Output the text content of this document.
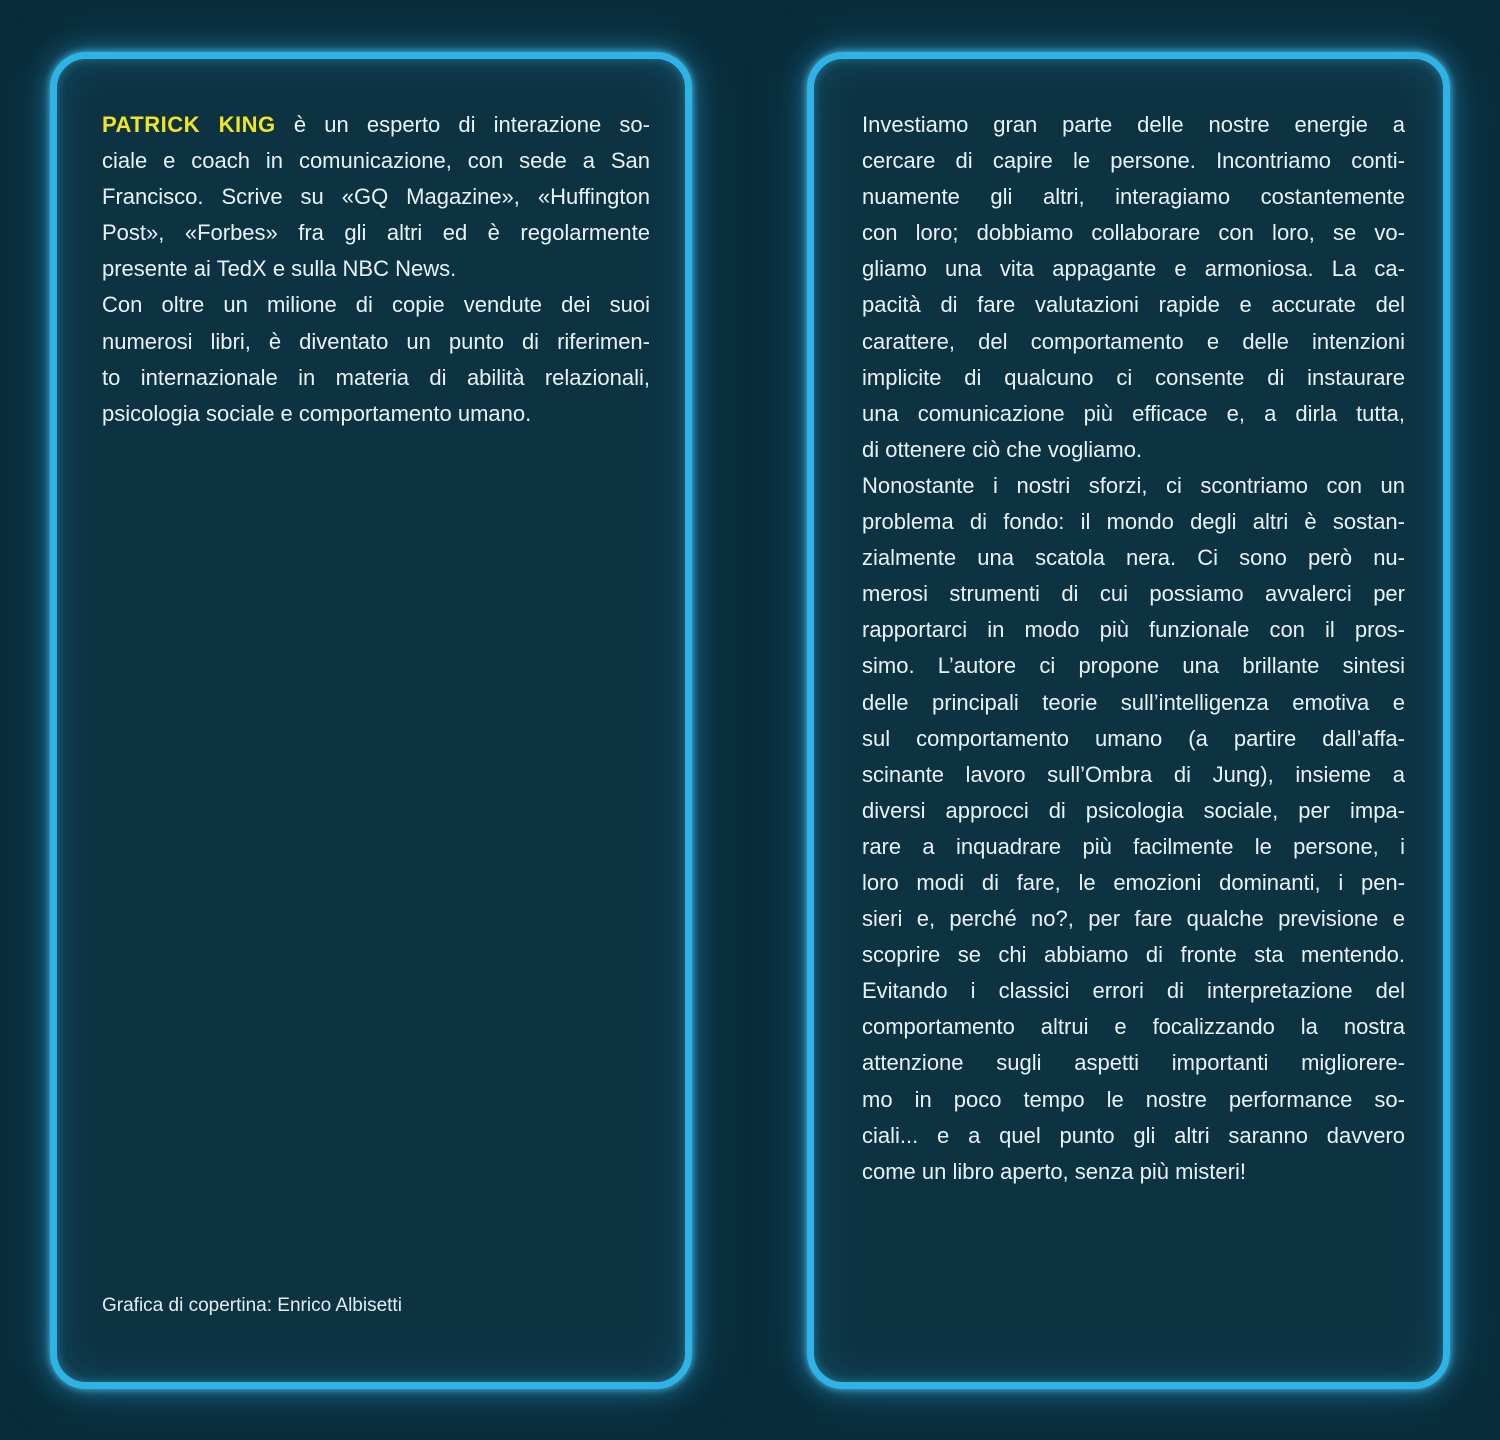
PATRICK KING è un esperto di interazione so-
ciale e coach in comunicazione, con sede a San
Francisco. Scrive su «GQ Magazine», «Huffington
Post», «Forbes» fra gli altri ed è regolarmente
presente ai TedX e sulla NBC News.
Con oltre un milione di copie vendute dei suoi
numerosi libri, è diventato un punto di riferimen-
to internazionale in materia di abilità relazionali,
psicologia sociale e comportamento umano.
Grafica di copertina: Enrico Albisetti
Investiamo gran parte delle nostre energie a
cercare di capire le persone. Incontriamo conti-
nuamente gli altri, interagiamo costantemente
con loro; dobbiamo collaborare con loro, se vo-
gliamo una vita appagante e armoniosa. La ca-
pacità di fare valutazioni rapide e accurate del
carattere, del comportamento e delle intenzioni
implicite di qualcuno ci consente di instaurare
una comunicazione più efficace e, a dirla tutta,
di ottenere ciò che vogliamo.
Nonostante i nostri sforzi, ci scontriamo con un
problema di fondo: il mondo degli altri è sostan-
zialmente una scatola nera. Ci sono però nu-
merosi strumenti di cui possiamo avvalerci per
rapportarci in modo più funzionale con il pros-
simo. L’autore ci propone una brillante sintesi
delle principali teorie sull’intelligenza emotiva e
sul comportamento umano (a partire dall’affa-
scinante lavoro sull’Ombra di Jung), insieme a
diversi approcci di psicologia sociale, per impa-
rare a inquadrare più facilmente le persone, i
loro modi di fare, le emozioni dominanti, i pen-
sieri e, perché no?, per fare qualche previsione e
scoprire se chi abbiamo di fronte sta mentendo.
Evitando i classici errori di interpretazione del
comportamento altrui e focalizzando la nostra
attenzione sugli aspetti importanti migliorere-
mo in poco tempo le nostre performance so-
ciali... e a quel punto gli altri saranno davvero
come un libro aperto, senza più misteri!
